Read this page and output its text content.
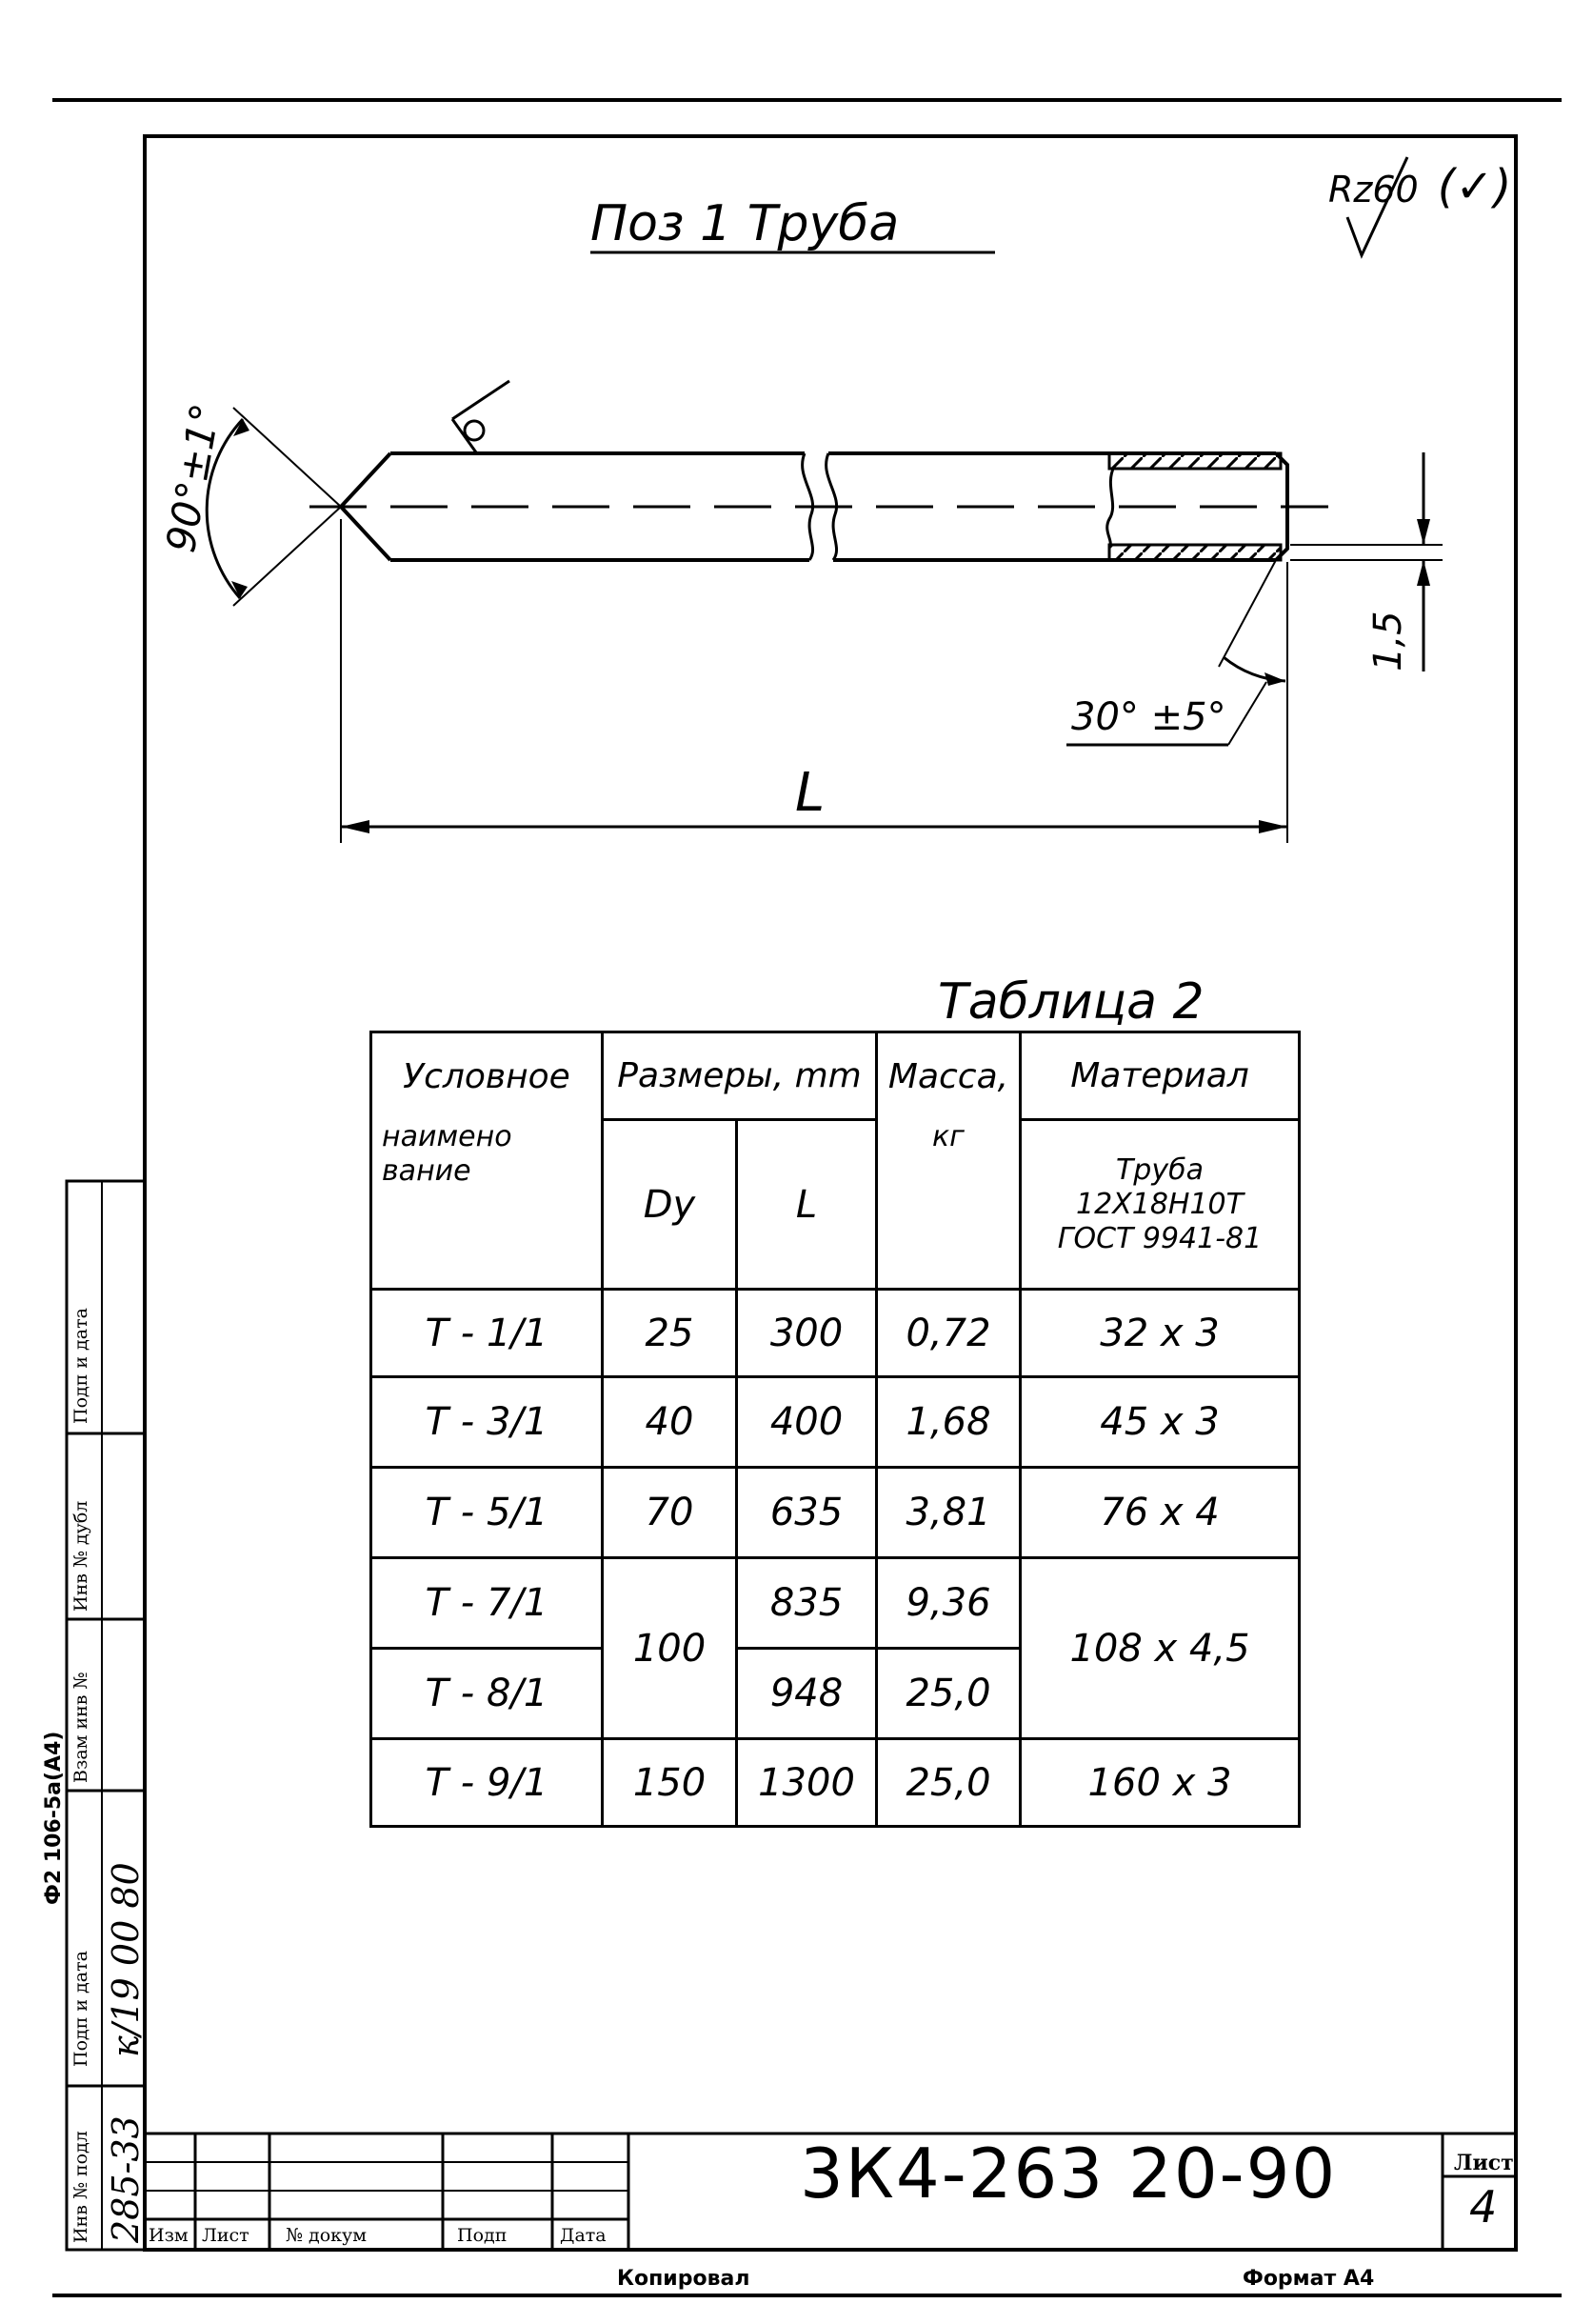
Поз 1 Труба
Rz60 (✓)
90°±1°
30° ±5°
1,5
L
Таблица 2
Условное	Размеры, mm		Масса,	Материал
наимено вание	Dy	L	кг	Труба
12Х18Н10Т
ГОСТ 9941-81

Т - 1/1	25	300	0,72	32 х 3
Т - 3/1	40	400	1,68	45 х 3
Т - 5/1	70	635	3,81	76 х 4
Т - 7/1	100	835	9,36	108 х 4,5
Т - 8/1		948	25,0	
Т - 9/1	150	1300	25,0	160 х 3
3К4-263 20-90	Лист
4
Изм Лист № докум	Подп	Дата
Инв № подл
Подп и дата
Взам инв №
Инв № дубл
Подп и дата
285-33
к/19 00 80
Ф2 106-5а(А4)
Копировал	Формат А4
